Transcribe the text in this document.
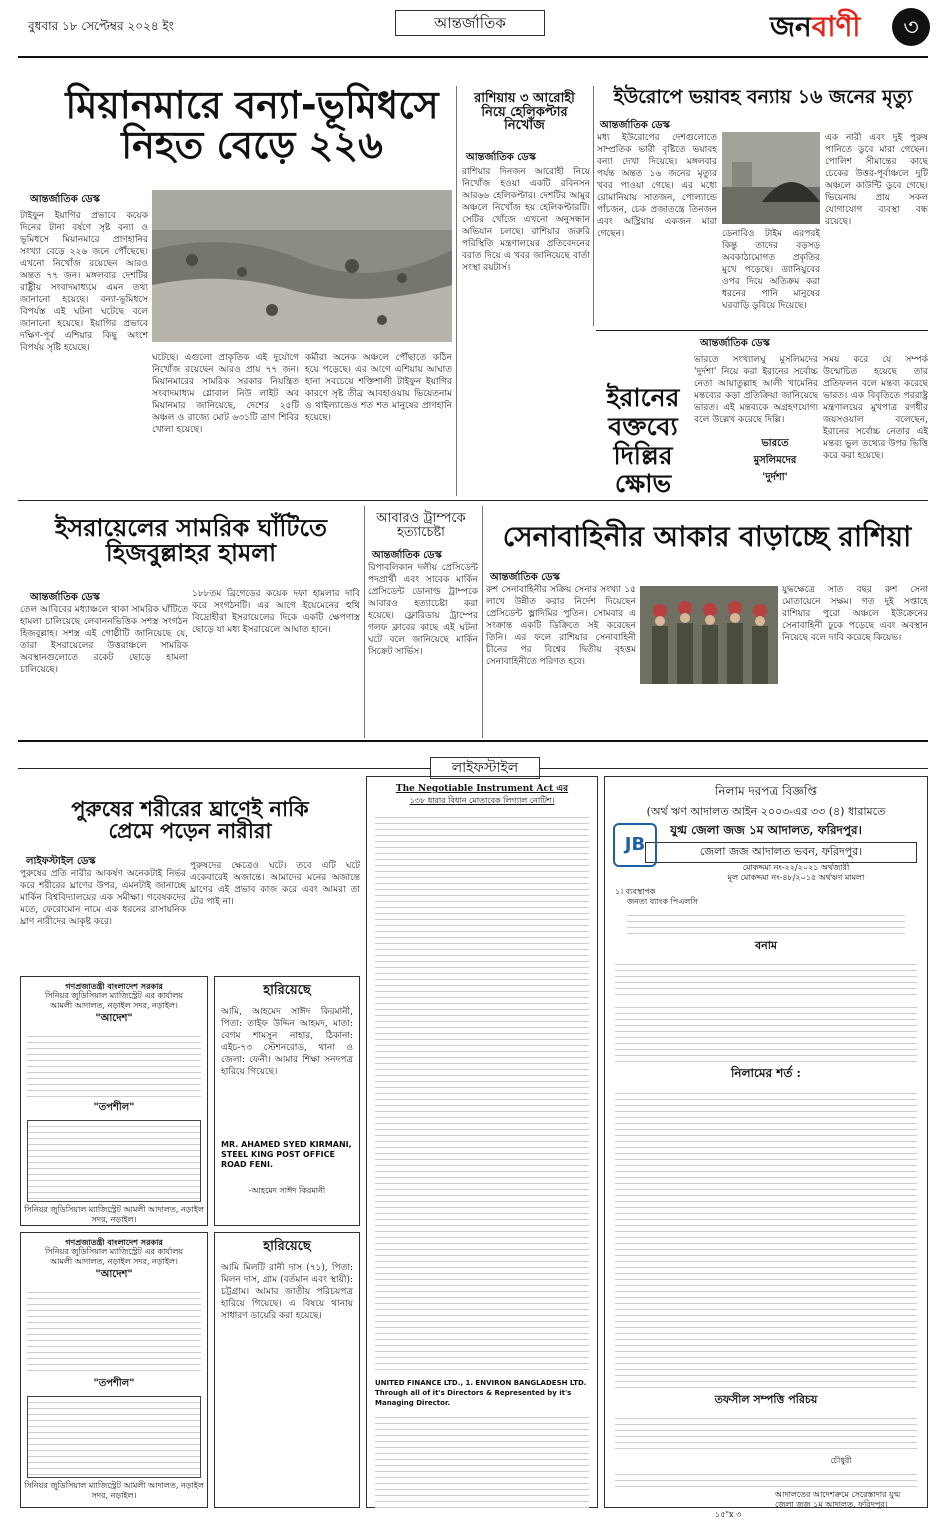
বুধবার ১৮ সেপ্টেম্বর ২০২৪ ইং	আন্তর্জাতিক	জনবাণী	৩
মিয়ানমারে বন্যা-ভূমিধসে
নিহত বেড়ে ২২৬
আন্তর্জাতিক ডেস্ক
টাইফুন ইয়াগির প্রভাবে কয়েক দিনের টানা বর্ষণে সৃষ্ট বন্যা ও ভূমিধসে মিয়ানমারে প্রাণহানির সংখ্যা বেড়ে ২২৬ জনে পৌঁছেছে। এখনো নিখোঁজ রয়েছেন আরও অন্তত ৭৭ জন। মঙ্গলবার দেশটির রাষ্ট্রীয় সংবাদমাধ্যমে এমন তথ্য জানানো হয়েছে। বন্যা-ভূমিধসে বিপর্যস্ত এই ঘটনা ঘটেছে বলে জানানো হয়েছে। ইয়াগির প্রভাবে দক্ষিণ-পূর্ব এশিয়ার কিছু অংশে বিপর্যয় সৃষ্টি হয়েছে।
ঘটেছে। এগুলো প্রাকৃতিক এই দুর্যোগে নিখোঁজ রয়েছেন আরও প্রায় ৭৭ জন। মিয়ানমারের সামরিক সরকার নিয়ন্ত্রিত সংবাদমাধ্যম গ্লোবাল নিউ লাইট অব মিয়ানমার জানিয়েছে, দেশের ২৫টি অঞ্চল ও রাজ্যে মোট ৬৩১টি ত্রাণ শিবির খোলা হয়েছে।
কর্মীরা অনেক অঞ্চলে পৌঁছাতে কঠিন হয়ে পড়েছে। এর আগে এশিয়ায় আঘাত হানা সবচেয়ে শক্তিশালী টাইফুন ইয়াগির কারণে সৃষ্ট তীব্র আবহাওয়ায় ভিয়েতনাম ও থাইল্যান্ডেও শত শত মানুষের প্রাণহানি হয়েছে।
রাশিয়ায় ৩ আরোহী নিয়ে হেলিকপ্টার নিখোঁজ
আন্তর্জাতিক ডেস্ক
রাশিয়ার দিনজন আরোহী নিয়ে নিখোঁজ হওয়া একটি রবিনসন আর৬৬ হেলিকপ্টার। দেশটির আমুর অঞ্চলে নিখোঁজ হয় হেলিকপ্টারটি। সেটির খোঁজে এখনো অনুসন্ধান অভিযান চলছে। রাশিয়ার জরুরি পরিস্থিতি মন্ত্রণালয়ের প্রতিবেদনের বরাত দিয়ে এ খবর জানিয়েছে বার্তা সংস্থা রয়টার্স।
ইউরোপে ভয়াবহ বন্যায় ১৬ জনের মৃত্যু
আন্তর্জাতিক ডেস্ক
মধ্য ইউরোপের দেশগুলোতে সাম্প্রতিক ভারী বৃষ্টিতে ভয়াবহ বন্যা দেখা দিয়েছে। মঙ্গলবার পর্যন্ত অন্তত ১৬ জনের মৃত্যুর খবর পাওয়া গেছে। এর মধ্যে রোমানিয়ায় সাতজন, পোল্যান্ডে পাঁচজন, চেক প্রজাতন্ত্রে তিনজন এবং অস্ট্রিয়ায় একজন মারা গেছেন।	ডেনাবিও টাইম এরপরই কিন্তু তাদের বড়সড় অবকাঠামোগত প্রকৃতির মুখে পড়েছে। ড্যানিয়ুবের ওপর দিয়ে অতিক্রম করা ধরনের পানি মানুষের ঘরবাড়ি ডুবিয়ে দিয়েছে।
এক নারী এবং দুই পুরুষ পানিতে ডুবে মারা গেছেন। পোলিশ সীমান্তের কাছে চেকের উত্তর-পূর্বাঞ্চলে দুটি অঞ্চলে কাউন্টি ডুবে গেছে। ভিয়েনায় প্রায় সকল যোগাযোগ ব্যবস্থা বন্ধ রয়েছে।
আন্তর্জাতিক ডেস্ক
ইরানের বক্তব্যে দিল্লির ক্ষোভ
ভারতে সংখ্যালঘু মুসলিমদের 'দুর্দশা' নিয়ে করা ইরানের সর্বোচ্চ নেতা আয়াতুল্লাহ আলী খামেনির মন্তব্যের কড়া প্রতিক্রিয়া জানিয়েছে ভারত। এই মন্তব্যকে অগ্রহণযোগ্য বলে উল্লেখ করেছে দিল্লি।
ভারতে মুসলিমদের 'দুর্দশা'
সময় করে যে সম্পর্ক উন্মোচিত হয়েছে তার প্রতিফলন বলে মন্তব্য করেছে ভারত। এক বিবৃতিতে পররাষ্ট্র মন্ত্রণালয়ের মুখপাত্র রণধীর জয়সওয়াল বলেছেন, ইরানের সর্বোচ্চ নেতার এই মন্তব্য ভুল তথ্যের উপর ভিত্তি করে করা হয়েছে।
ইসরায়েলের সামরিক ঘাঁটিতে
হিজবুল্লাহর হামলা
আন্তর্জাতিক ডেস্ক
তেল আবিবের মধ্যাঞ্চলে থাকা সামরিক ঘাঁটিতে হামলা চালিয়েছে লেবাননভিত্তিক সশস্ত্র সংগঠন হিজবুল্লাহ। সশস্ত্র এই গোষ্ঠীটি জানিয়েছে যে, তারা ইসরায়েলের উত্তরাঞ্চলে সামরিক অবস্থানগুলোতে রকেট ছোড়ে হামলা চালিয়েছে।
১৮৮তম ব্রিগেডের কয়েক দফা হামলার দাবি করে সংগঠনটি। এর আগে ইয়েমেনের হুথি বিদ্রোহীরা ইসরায়েলের দিকে একটি ক্ষেপণাস্ত্র ছোড়ে যা মধ্য ইসরায়েলে আঘাত হানে।
আবারও ট্রাম্পকে
হত্যাচেষ্টা
আন্তর্জাতিক ডেস্ক
রিপাবলিকান দলীয় প্রেসিডেন্ট পদপ্রার্থী এবং সাবেক মার্কিন প্রেসিডেন্ট ডোনাল্ড ট্রাম্পকে আবারও হত্যাচেষ্টা করা হয়েছে। ফ্লোরিডায় ট্রাম্পের গলফ ক্লাবের কাছে এই ঘটনা ঘটে বলে জানিয়েছে মার্কিন সিক্রেট সার্ভিস।
সেনাবাহিনীর আকার বাড়াচ্ছে রাশিয়া
আন্তর্জাতিক ডেস্ক
রুশ সেনাবাহিনীর সক্রিয় সেনার সংখ্যা ১৫ লাখে উন্নীত করার নির্দেশ দিয়েছেন প্রেসিডেন্ট ভ্লাদিমির পুতিন। সোমবার এ সংক্রান্ত একটি ডিক্রিতে সই করেছেন তিনি। এর ফলে রাশিয়ার সেনাবাহিনী চীনের পর বিশ্বের দ্বিতীয় বৃহত্তম সেনাবাহিনীতে পরিণত হবে।
যুদ্ধক্ষেত্রে সাত বছর রুশ সেনা মোতায়েনে সক্ষম। গত দুই সপ্তাহে রাশিয়ার পুরো অঞ্চলে ইউক্রেনের সেনাবাহিনী ঢুকে পড়েছে এবং অবস্থান নিয়েছে বলে দাবি করেছে কিয়েভ।
লাইফস্টাইল
পুরুষের শরীরের ঘ্রাণেই নাকি
প্রেমে পড়েন নারীরা
লাইফস্টাইল ডেস্ক
পুরুষের প্রতি নারীর আকর্ষণ অনেকটাই নির্ভর করে শরীরের ঘ্রাণের উপর, এমনটাই জানাচ্ছে মার্কিন বিশ্ববিদ্যালয়ের এক সমীক্ষা। গবেষকদের মতে, ফেরোমোন নামে এক ধরনের রাসায়নিক ঘ্রাণ নারীদের আকৃষ্ট করে।
পুরুষদের ক্ষেত্রেও ঘটে। তবে এটি ঘটে একেবারেই অজান্তে। আমাদের মনের অজান্তে ঘ্রাণের এই প্রভাব কাজ করে এবং আমরা তা টের পাই না।
গণপ্রজাতন্ত্রী বাংলাদেশ সরকার
সিনিয়র জুডিসিয়াল ম্যাজিস্ট্রেট এর কার্যালয়
আমলী আদালত, নড়াইল সদর, নড়াইল।
"আদেশ"
"তপশীল"
সিনিয়র জুডিসিয়াল ম্যাজিস্ট্রেট আমলী আদালত, নড়াইল সদর, নড়াইল।
গণপ্রজাতন্ত্রী বাংলাদেশ সরকার
সিনিয়র জুডিসিয়াল ম্যাজিস্ট্রেট এর কার্যালয়
আমলী আদালত, নড়াইল সদর, নড়াইল।
"আদেশ"
"তপশীল"
সিনিয়র জুডিসিয়াল ম্যাজিস্ট্রেট আমলী আদালত, নড়াইল সদর, নড়াইল।
হারিয়েছে
আমি, আহমেদ সাঈদ কিরমানী, পিতা: তাইফ উদ্দিন আহমদ, মাতা: বেগম শামসুন নাহার, ঠিকানা: এইচ-৭৩ স্টেশনরোড, থানা ও জেলা: ফেনী। আমার শিক্ষা সনদপত্র হারিয়ে গিয়েছে।
MR. AHAMED SYED KIRMANI, STEEL KING POST OFFICE ROAD FENI.
-আহমেদ সাঈদ কিরমানী
হারিয়েছে
আমি মিলটি রানী দাস (৭১), পিতা: মিলন দাস, গ্রাম (বর্তমান এবং স্থায়ী): চট্টগ্রাম। আমার জাতীয় পরিচয়পত্র হারিয়ে গিয়েছে। এ বিষয়ে থানায় সাধারণ ডায়েরি করা হয়েছে।
The Negotiable Instrument Act এর
১৩৮ ধারার বিধান মোতাবেক লিগ্যাল নোটিশ।
UNITED FINANCE LTD., 1. ENVIRON BANGLADESH LTD. Through all of it's Directors & Represented by it's Managing Director.
JB
নিলাম দরপত্র বিজ্ঞপ্তি
(অর্থ ঋণ আদালত আইন ২০০৩-এর ৩৩ (৪) ধারামতে
যুগ্ম জেলা জজ ১ম আদালত, ফরিদপুর।
জেলা জজ আদালত ভবন, ফরিদপুর।
মোকদ্দমা নং-২২/২০২১ অর্থজারী
মূল মোকদ্দমা নং-৪৮/২০১৫ অর্থঋণ মামলা
১। ব্যবস্থাপক
জনতা ব্যাংক পিএলসি
বনাম
নিলামের শর্ত :
তফসীল সম্পত্তি পরিচয়
চৌধুরী
আদালতের আদেশক্রমে সেরেস্তাদার যুগ্ম জেলা জজ ১ম আদালত, ফরিদপুর।
১৫"x ৩
